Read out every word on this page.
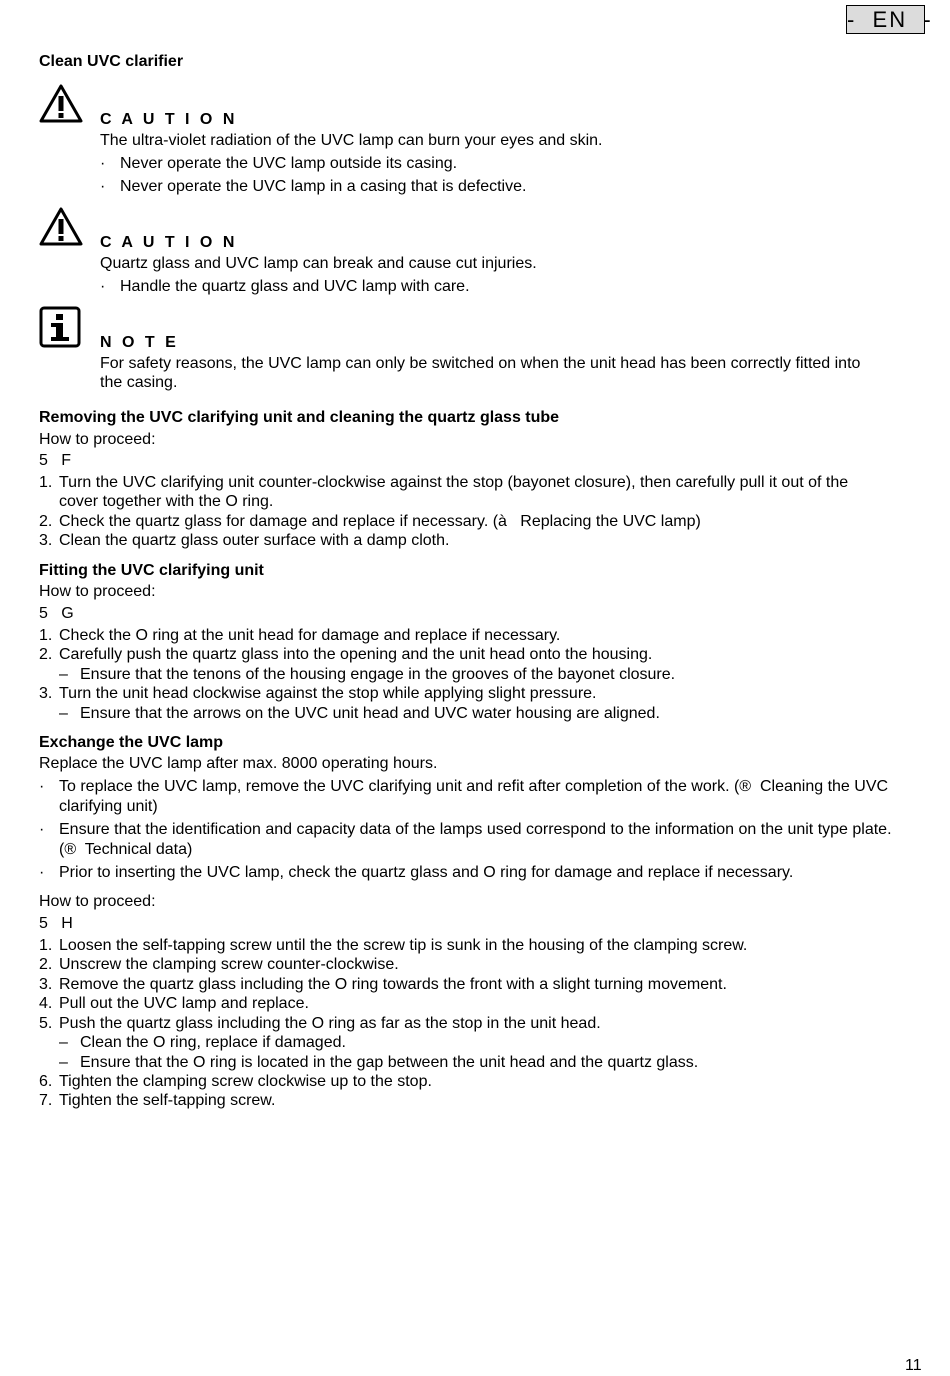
-  EN  -
Clean UVC clarifier
C A U T I O N
The ultra-violet radiation of the UVC lamp can burn your eyes and skin.
· Never operate the UVC lamp outside its casing.
· Never operate the UVC lamp in a casing that is defective.
C A U T I O N
Quartz glass and UVC lamp can break and cause cut injuries.
· Handle the quartz glass and UVC lamp with care.
N O T E
For safety reasons, the UVC lamp can only be switched on when the unit head has been correctly fitted into
the casing.
Removing the UVC clarifying unit and cleaning the quartz glass tube
How to proceed:
5   F
1. Turn the UVC clarifying unit counter-clockwise against the stop (bayonet closure), then carefully pull it out of the
cover together with the O ring.
2. Check the quartz glass for damage and replace if necessary. (à   Replacing the UVC lamp)
3. Clean the quartz glass outer surface with a damp cloth.
Fitting the UVC clarifying unit
How to proceed:
5   G
1. Check the O ring at the unit head for damage and replace if necessary.
2. Carefully push the quartz glass into the opening and the unit head onto the housing.
– Ensure that the tenons of the housing engage in the grooves of the bayonet closure.
3. Turn the unit head clockwise against the stop while applying slight pressure.
– Ensure that the arrows on the UVC unit head and UVC water housing are aligned.
Exchange the UVC lamp
Replace the UVC lamp after max. 8000 operating hours.
· To replace the UVC lamp, remove the UVC clarifying unit and refit after completion of the work. (®  Cleaning the UVC
clarifying unit)
· Ensure that the identification and capacity data of the lamps used correspond to the information on the unit type plate.
(®  Technical data)
· Prior to inserting the UVC lamp, check the quartz glass and O ring for damage and replace if necessary.
How to proceed:
5   H
1. Loosen the self-tapping screw until the the screw tip is sunk in the housing of the clamping screw.
2. Unscrew the clamping screw counter-clockwise.
3. Remove the quartz glass including the O ring towards the front with a slight turning movement.
4. Pull out the UVC lamp and replace.
5. Push the quartz glass including the O ring as far as the stop in the unit head.
– Clean the O ring, replace if damaged.
– Ensure that the O ring is located in the gap between the unit head and the quartz glass.
6. Tighten the clamping screw clockwise up to the stop.
7. Tighten the self-tapping screw.
11
